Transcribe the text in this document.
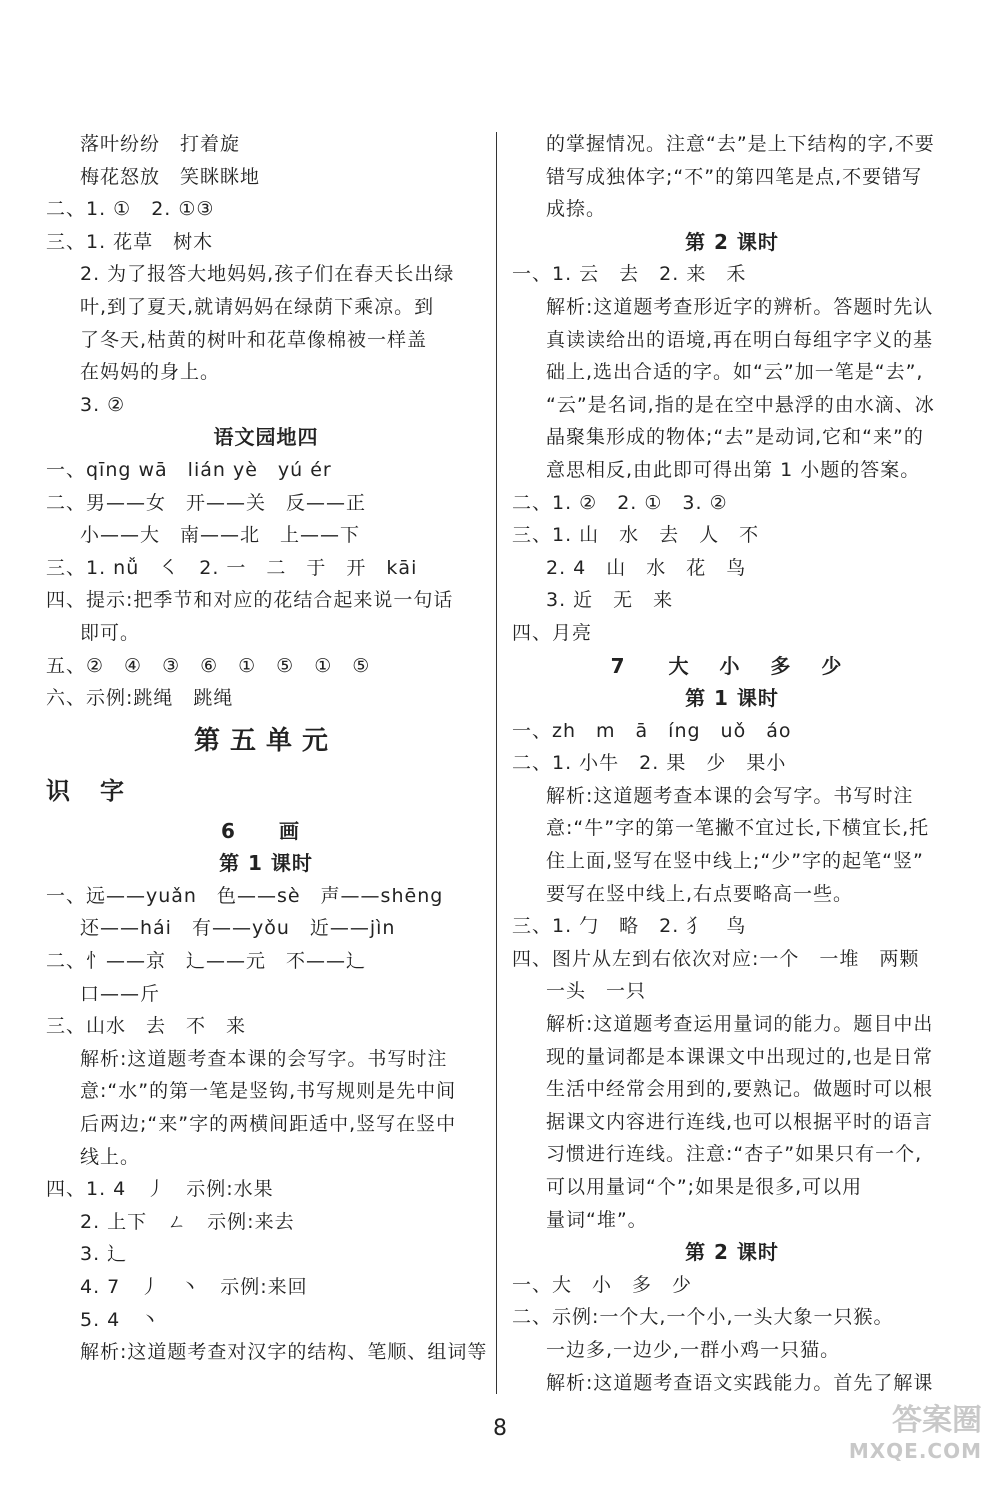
落叶纷纷　打着旋
梅花怒放　笑眯眯地
二、1. ①　2. ①③
三、1. 花草　树木
2. 为了报答大地妈妈,孩子们在春天长出绿
叶,到了夏天,就请妈妈在绿荫下乘凉。到
了冬天,枯黄的树叶和花草像棉被一样盖
在妈妈的身上。
3. ②
语文园地四
一、qīng wā　lián yè　yú ér
二、男——女　开——关　反——正
小——大　南——北　上——下
三、1. nǚ　㇛　2. 一　二　于　开　kāi
四、提示:把季节和对应的花结合起来说一句话
即可。
五、②　④　③　⑥　①　⑤　①　⑤
六、示例:跳绳　跳绳
第五单元
识字
6　画
第 1 课时
一、远——yuǎn　色——sè　声——shēng
还——hái　有——yǒu　近——jìn
二、忄——京　辶——元　不——辶
口——斤
三、山水　去　不　来
解析:这道题考查本课的会写字。书写时注
意:“水”的第一笔是竖钩,书写规则是先中间
后两边;“来”字的两横间距适中,竖写在竖中
线上。
四、1. 4　丿　示例:水果
2. 上下　ㄥ　示例:来去
3. 辶
4. 7　丿　丶　示例:来回
5. 4　丶
解析:这道题考查对汉字的结构、笔顺、组词等
的掌握情况。注意“去”是上下结构的字,不要
错写成独体字;“不”的第四笔是点,不要错写
成捺。
第 2 课时
一、1. 云　去　2. 来　禾
解析:这道题考查形近字的辨析。答题时先认
真读读给出的语境,再在明白每组字字义的基
础上,选出合适的字。如“云”加一笔是“去”,
“云”是名词,指的是在空中悬浮的由水滴、冰
晶聚集形成的物体;“去”是动词,它和“来”的
意思相反,由此即可得出第 1 小题的答案。
二、1. ②　2. ①　3. ②
三、1. 山　水　去　人　不
2. 4　山　水　花　鸟
3. 近　无　来
四、月亮
7　大 小 多 少
第 1 课时
一、zh　m　ā　íng　uǒ　áo
二、1. 小牛　2. 果　少　果小
解析:这道题考查本课的会写字。书写时注
意:“牛”字的第一笔撇不宜过长,下横宜长,托
住上面,竖写在竖中线上;“少”字的起笔“竖”
要写在竖中线上,右点要略高一些。
三、1. 勹　略　2. 犭　鸟
四、图片从左到右依次对应:一个　一堆　两颗
一头　一只
解析:这道题考查运用量词的能力。题目中出
现的量词都是本课课文中出现过的,也是日常
生活中经常会用到的,要熟记。做题时可以根
据课文内容进行连线,也可以根据平时的语言
习惯进行连线。注意:“杏子”如果只有一个,
可以用量词“个”;如果是很多,可以用
量词“堆”。
第 2 课时
一、大　小　多　少
二、示例:一个大,一个小,一头大象一只猴。
一边多,一边少,一群小鸡一只猫。
解析:这道题考查语文实践能力。首先了解课
8	答案圈
MXQE.COM
